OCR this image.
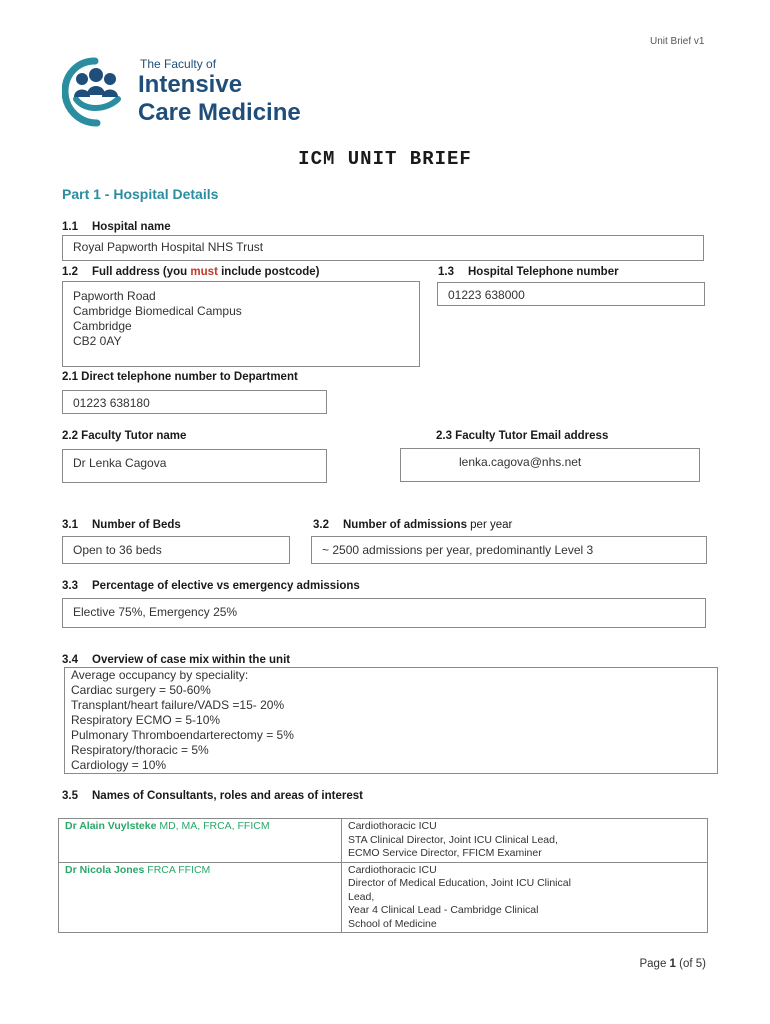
Unit Brief v1
The Faculty of
Intensive
Care Medicine
ICM UNIT BRIEF
Part 1 - Hospital Details
1.1 Hospital name
Royal Papworth Hospital NHS Trust
1.2 Full address (you must include postcode)
Papworth Road
Cambridge Biomedical Campus
Cambridge
CB2 0AY
1.3 Hospital Telephone number
01223 638000
2.1 Direct telephone number to Department
01223 638180
2.2 Faculty Tutor name
Dr Lenka Cagova
2.3 Faculty Tutor Email address
lenka.cagova@nhs.net
3.1 Number of Beds
Open to 36 beds
3.2 Number of admissions per year
~ 2500 admissions per year, predominantly Level 3
3.3 Percentage of elective vs emergency admissions
Elective 75%, Emergency 25%
3.4 Overview of case mix within the unit
Average occupancy by speciality:
Cardiac surgery = 50-60%
Transplant/heart failure/VADS =15- 20%
Respiratory ECMO = 5-10%
Pulmonary Thromboendarterectomy = 5%
Respiratory/thoracic = 5%
Cardiology = 10%
3.5 Names of Consultants, roles and areas of interest
Dr Alain Vuylsteke MD, MA, FRCA, FFICM	Cardiothoracic ICU
STA Clinical Director, Joint ICU Clinical Lead,
ECMO Service Director, FFICM Examiner

Dr Nicola Jones FRCA FFICM	Cardiothoracic ICU
Director of Medical Education, Joint ICU Clinical
Lead,
Year 4 Clinical Lead - Cambridge Clinical
School of Medicine
Page 1 (of 5)
